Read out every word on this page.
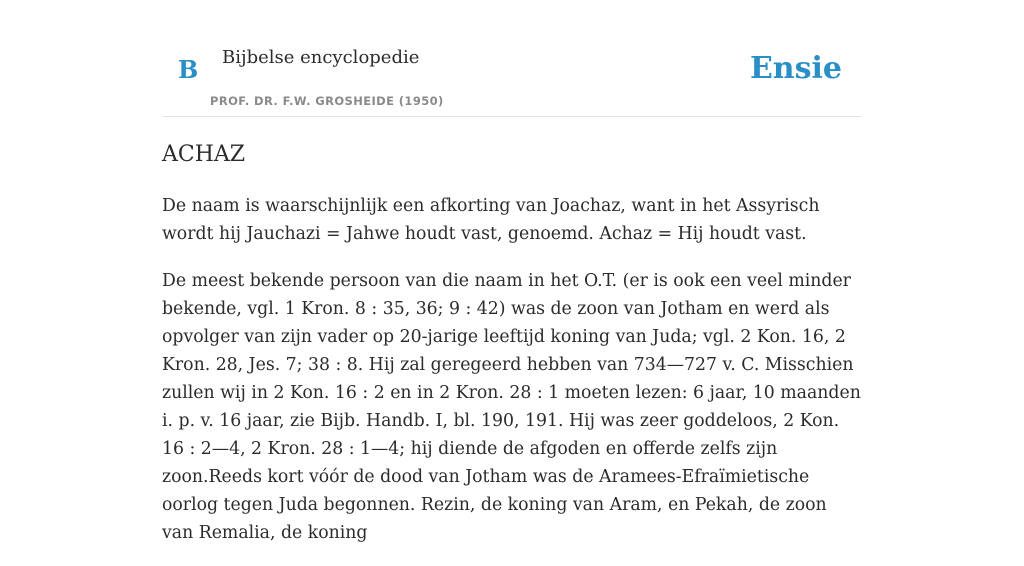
B Bijbelse encyclopedie
PROF. DR. F.W. GROSHEIDE (1950)
Ensie
ACHAZ

De naam is waarschijnlijk een afkorting van Joachaz, want in het Assyrisch wordt hij Jauchazi = Jahwe houdt vast, genoemd. Achaz = Hij houdt vast.

De meest bekende persoon van die naam in het O.T. (er is ook een veel minder bekende, vgl. 1 Kron. 8 : 35, 36; 9 : 42) was de zoon van Jotham en werd als opvolger van zijn vader op 20-jarige leeftijd koning van Juda; vgl. 2 Kon. 16, 2 Kron. 28, Jes. 7; 38 : 8. Hij zal geregeerd hebben van 734—727 v. C. Misschien zullen wij in 2 Kon. 16 : 2 en in 2 Kron. 28 : 1 moeten lezen: 6 jaar, 10 maanden i. p. v. 16 jaar, zie Bijb. Handb. I, bl. 190, 191. Hij was zeer goddeloos, 2 Kon. 16 : 2—4, 2 Kron. 28 : 1—4; hij diende de afgoden en offerde zelfs zijn zoon.Reeds kort vóór de dood van Jotham was de Aramees-Efraïmietische oorlog tegen Juda begonnen. Rezin, de koning van Aram, en Pekah, de zoon van Remalia, de koning
